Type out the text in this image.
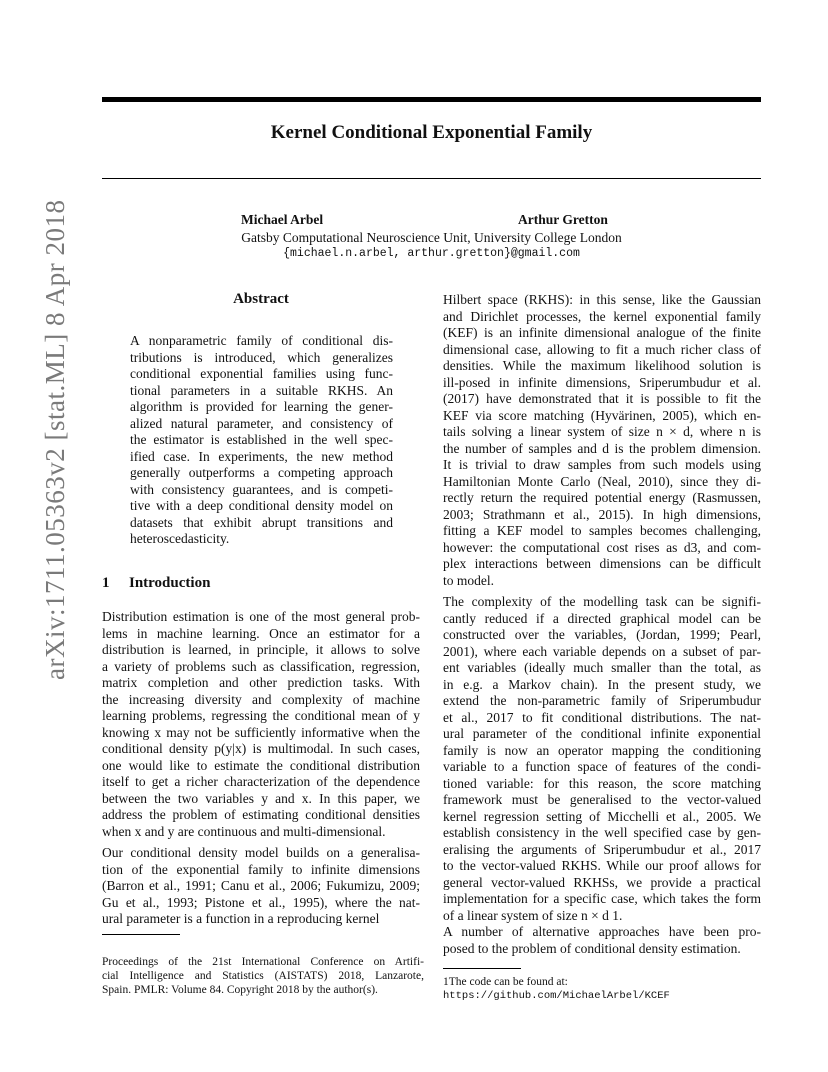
Kernel Conditional Exponential Family
Michael Arbel	Arthur Gretton
Gatsby Computational Neuroscience Unit, University College London
{michael.n.arbel, arthur.gretton}@gmail.com
arXiv:1711.05363v2 [stat.ML] 8 Apr 2018	Abstract
A nonparametric family of conditional dis-
tributions is introduced, which generalizes
conditional exponential families using func-
tional parameters in a suitable RKHS. An
algorithm is provided for learning the gener-
alized natural parameter, and consistency of
the estimator is established in the well spec-
ified case. In experiments, the new method
generally outperforms a competing approach
with consistency guarantees, and is competi-
tive with a deep conditional density model on
datasets that exhibit abrupt transitions and
heteroscedasticity.
1 Introduction
Distribution estimation is one of the most general prob-
lems in machine learning. Once an estimator for a
distribution is learned, in principle, it allows to solve
a variety of problems such as classification, regression,
matrix completion and other prediction tasks. With
the increasing diversity and complexity of machine
learning problems, regressing the conditional mean of y
knowing x may not be sufficiently informative when the
conditional density p(y|x) is multimodal. In such cases,
one would like to estimate the conditional distribution
itself to get a richer characterization of the dependence
between the two variables y and x. In this paper, we
address the problem of estimating conditional densities
when x and y are continuous and multi-dimensional.
Our conditional density model builds on a generalisa-
tion of the exponential family to infinite dimensions
(Barron et al., 1991; Canu et al., 2006; Fukumizu, 2009;
Gu et al., 1993; Pistone et al., 1995), where the nat-
ural parameter is a function in a reproducing kernel
Proceedings of the 21st International Conference on Artifi-
cial Intelligence and Statistics (AISTATS) 2018, Lanzarote,
Spain. PMLR: Volume 84. Copyright 2018 by the author(s).
Hilbert space (RKHS): in this sense, like the Gaussian
and Dirichlet processes, the kernel exponential family
(KEF) is an infinite dimensional analogue of the finite
dimensional case, allowing to fit a much richer class of
densities. While the maximum likelihood solution is
ill-posed in infinite dimensions, Sriperumbudur et al.
(2017) have demonstrated that it is possible to fit the
KEF via score matching (Hyvärinen, 2005), which en-
tails solving a linear system of size n × d, where n is
the number of samples and d is the problem dimension.
It is trivial to draw samples from such models using
Hamiltonian Monte Carlo (Neal, 2010), since they di-
rectly return the required potential energy (Rasmussen,
2003; Strathmann et al., 2015). In high dimensions,
fitting a KEF model to samples becomes challenging,
however: the computational cost rises as d3, and com-
plex interactions between dimensions can be difficult
to model.
The complexity of the modelling task can be signifi-
cantly reduced if a directed graphical model can be
constructed over the variables, (Jordan, 1999; Pearl,
2001), where each variable depends on a subset of par-
ent variables (ideally much smaller than the total, as
in e.g. a Markov chain). In the present study, we
extend the non-parametric family of Sriperumbudur
et al., 2017 to fit conditional distributions. The nat-
ural parameter of the conditional infinite exponential
family is now an operator mapping the conditioning
variable to a function space of features of the condi-
tioned variable: for this reason, the score matching
framework must be generalised to the vector-valued
kernel regression setting of Micchelli et al., 2005. We
establish consistency in the well specified case by gen-
eralising the arguments of Sriperumbudur et al., 2017
to the vector-valued RKHS. While our proof allows for
general vector-valued RKHSs, we provide a practical
implementation for a specific case, which takes the form
of a linear system of size n × d 1.
A number of alternative approaches have been pro-
posed to the problem of conditional density estimation.
1The code can be found at:
https://github.com/MichaelArbel/KCEF
